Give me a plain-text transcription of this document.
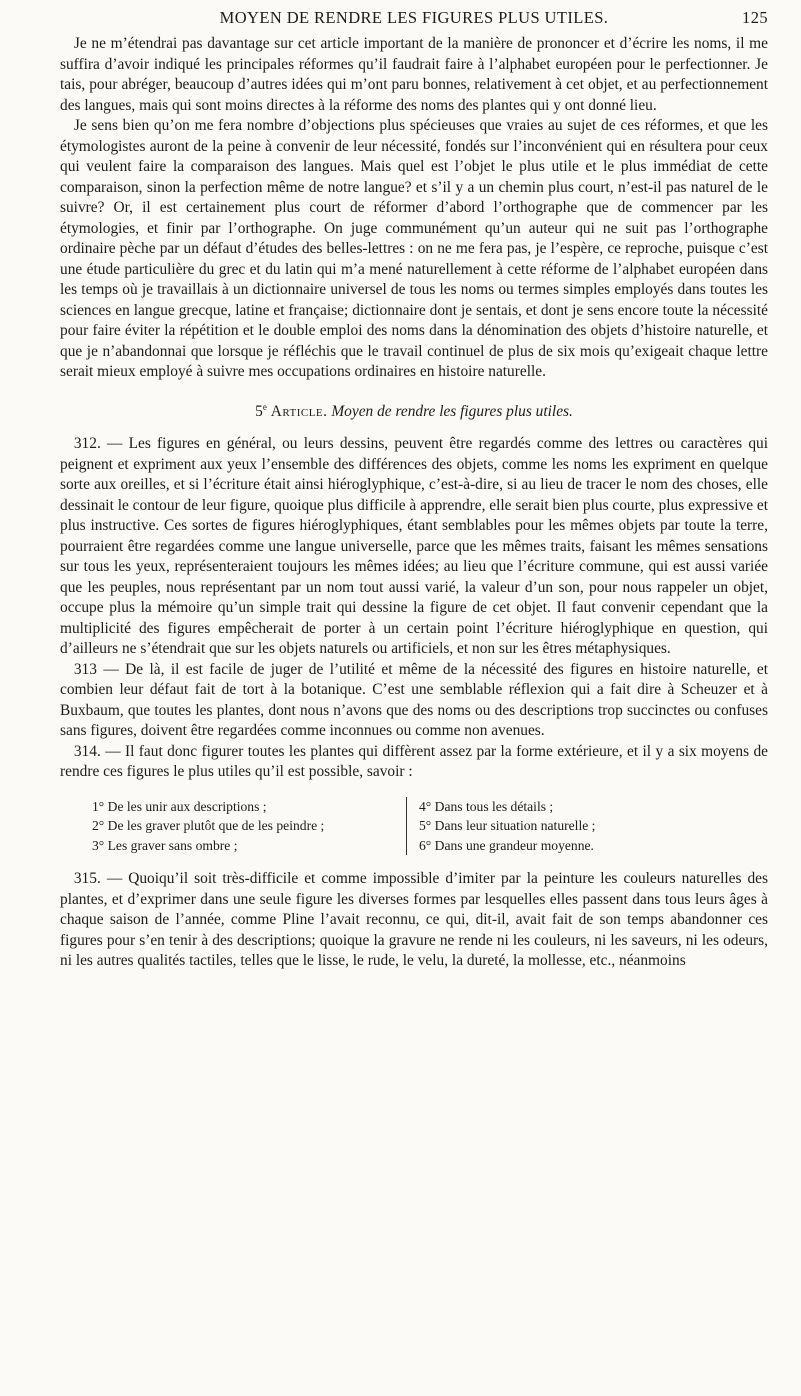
MOYEN DE RENDRE LES FIGURES PLUS UTILES.	125

Je ne m’étendrai pas davantage sur cet article important de la manière de prononcer et d’écrire les noms, il me suffira d’avoir indiqué les principales réformes qu’il faudrait faire à l’alphabet européen pour le perfectionner. Je tais, pour abréger, beaucoup d’autres idées qui m’ont paru bonnes, relativement à cet objet, et au perfectionnement des langues, mais qui sont moins directes à la réforme des noms des plantes qui y ont donné lieu.

Je sens bien qu’on me fera nombre d’objections plus spécieuses que vraies au sujet de ces réformes, et que les étymologistes auront de la peine à convenir de leur nécessité, fondés sur l’inconvénient qui en résultera pour ceux qui veulent faire la comparaison des langues. Mais quel est l’objet le plus utile et le plus immédiat de cette comparaison, sinon la perfection même de notre langue? et s’il y a un chemin plus court, n’est-il pas naturel de le suivre? Or, il est certainement plus court de réformer d’abord l’orthographe que de commencer par les étymologies, et finir par l’orthographe. On juge communément qu’un auteur qui ne suit pas l’orthographe ordinaire pèche par un défaut d’études des belles-lettres : on ne me fera pas, je l’espère, ce reproche, puisque c’est une étude particulière du grec et du latin qui m’a mené naturellement à cette réforme de l’alphabet européen dans les temps où je travaillais à un dictionnaire universel de tous les noms ou termes simples employés dans toutes les sciences en langue grecque, latine et française; dictionnaire dont je sentais, et dont je sens encore toute la nécessité pour faire éviter la répétition et le double emploi des noms dans la dénomination des objets d’histoire naturelle, et que je n’abandonnai que lorsque je réfléchis que le travail continuel de plus de six mois qu’exigeait chaque lettre serait mieux employé à suivre mes occupations ordinaires en histoire naturelle.

5e Article. Moyen de rendre les figures plus utiles.

312. — Les figures en général, ou leurs dessins, peuvent être regardés comme des lettres ou caractères qui peignent et expriment aux yeux l’ensemble des différences des objets, comme les noms les expriment en quelque sorte aux oreilles, et si l’écriture était ainsi hiéroglyphique, c’est-à-dire, si au lieu de tracer le nom des choses, elle dessinait le contour de leur figure, quoique plus difficile à apprendre, elle serait bien plus courte, plus expressive et plus instructive. Ces sortes de figures hiéroglyphiques, étant semblables pour les mêmes objets par toute la terre, pourraient être regardées comme une langue universelle, parce que les mêmes traits, faisant les mêmes sensations sur tous les yeux, représenteraient toujours les mêmes idées; au lieu que l’écriture commune, qui est aussi variée que les peuples, nous représentant par un nom tout aussi varié, la valeur d’un son, pour nous rappeler un objet, occupe plus la mémoire qu’un simple trait qui dessine la figure de cet objet. Il faut convenir cependant que la multiplicité des figures empêcherait de porter à un certain point l’écriture hiéroglyphique en question, qui d’ailleurs ne s’étendrait que sur les objets naturels ou artificiels, et non sur les êtres métaphysiques.

313 — De là, il est facile de juger de l’utilité et même de la nécessité des figures en histoire naturelle, et combien leur défaut fait de tort à la botanique. C’est une semblable réflexion qui a fait dire à Scheuzer et à Buxbaum, que toutes les plantes, dont nous n’avons que des noms ou des descriptions trop succinctes ou confuses sans figures, doivent être regardées comme inconnues ou comme non avenues.

314. — Il faut donc figurer toutes les plantes qui diffèrent assez par la forme extérieure, et il y a six moyens de rendre ces figures le plus utiles qu’il est possible, savoir :

1° De les unir aux descriptions ;
2° De les graver plutôt que de les peindre ;
3° Les graver sans ombre ;
4° Dans tous les détails ;
5° Dans leur situation naturelle ;
6° Dans une grandeur moyenne.

315. — Quoiqu’il soit très-difficile et comme impossible d’imiter par la peinture les couleurs naturelles des plantes, et d’exprimer dans une seule figure les diverses formes par lesquelles elles passent dans tous leurs âges à chaque saison de l’année, comme Pline l’avait reconnu, ce qui, dit-il, avait fait de son temps abandonner ces figures pour s’en tenir à des descriptions; quoique la gravure ne rende ni les couleurs, ni les saveurs, ni les odeurs, ni les autres qualités tactiles, telles que le lisse, le rude, le velu, la dureté, la mollesse, etc., néanmoins
